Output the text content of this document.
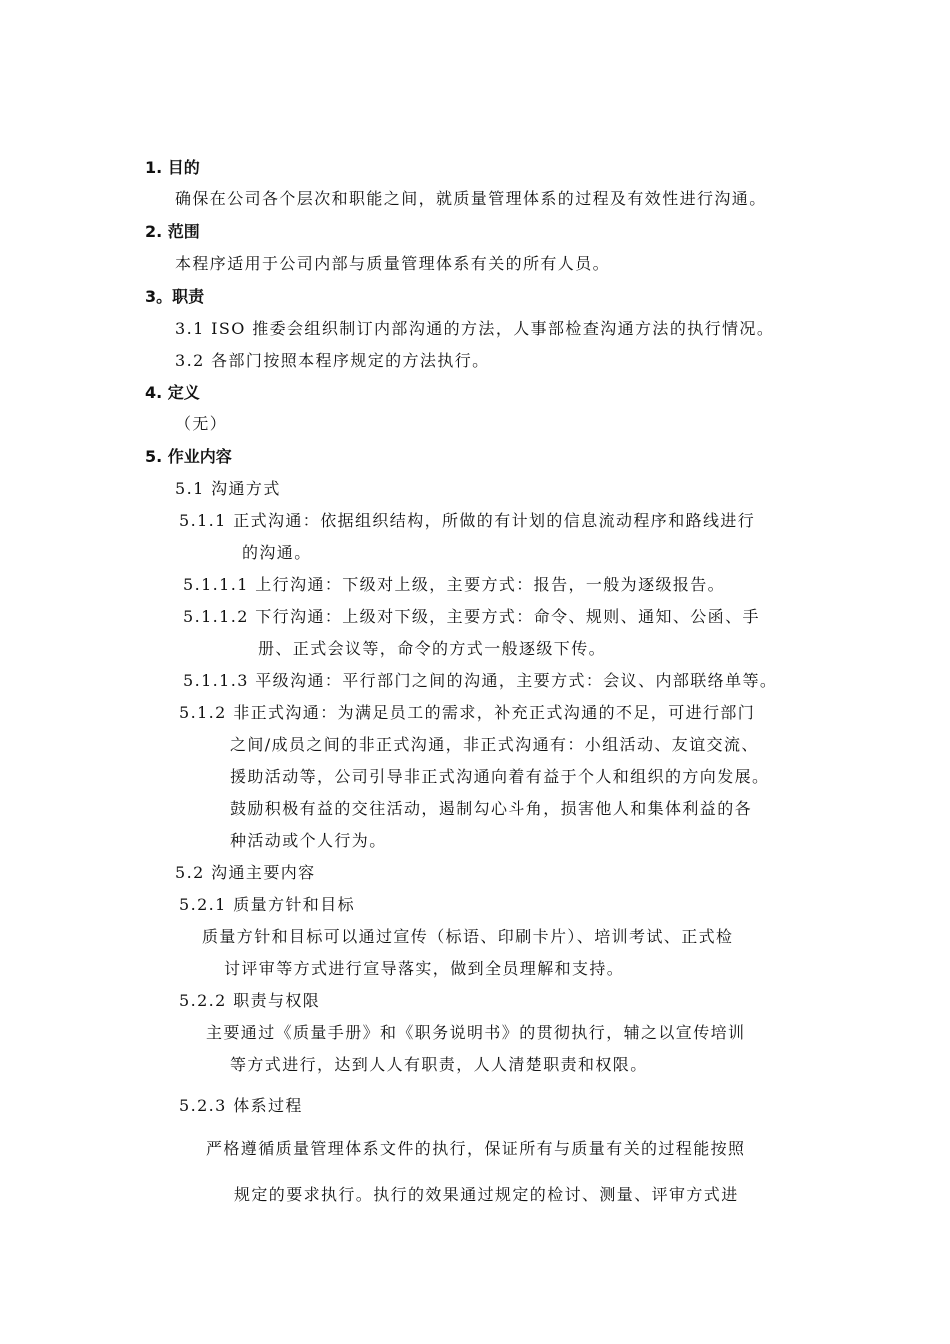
1. 目的
确保在公司各个层次和职能之间，就质量管理体系的过程及有效性进行沟通。
2. 范围
本程序适用于公司内部与质量管理体系有关的所有人员。
3。职责
3.1 ISO 推委会组织制订内部沟通的方法，人事部检查沟通方法的执行情况。
3.2 各部门按照本程序规定的方法执行。
4. 定义
（无）
5. 作业内容
5.1 沟通方式
5.1.1 正式沟通：依据组织结构，所做的有计划的信息流动程序和路线进行
的沟通。
5.1.1.1 上行沟通：下级对上级，主要方式：报告，一般为逐级报告。
5.1.1.2 下行沟通：上级对下级，主要方式：命令、规则、通知、公函、手
册、正式会议等，命令的方式一般逐级下传。
5.1.1.3 平级沟通：平行部门之间的沟通，主要方式：会议、内部联络单等。
5.1.2 非正式沟通：为满足员工的需求，补充正式沟通的不足，可进行部门
之间/成员之间的非正式沟通，非正式沟通有：小组活动、友谊交流、
援助活动等，公司引导非正式沟通向着有益于个人和组织的方向发展。
鼓励积极有益的交往活动，遏制勾心斗角，损害他人和集体利益的各
种活动或个人行为。
5.2 沟通主要内容
5.2.1 质量方针和目标
质量方针和目标可以通过宣传（标语、印刷卡片）、培训考试、正式检
讨评审等方式进行宣导落实，做到全员理解和支持。
5.2.2 职责与权限
主要通过《质量手册》和《职务说明书》的贯彻执行，辅之以宣传培训
等方式进行，达到人人有职责，人人清楚职责和权限。
5.2.3 体系过程
严格遵循质量管理体系文件的执行，保证所有与质量有关的过程能按照
规定的要求执行。执行的效果通过规定的检讨、测量、评审方式进
